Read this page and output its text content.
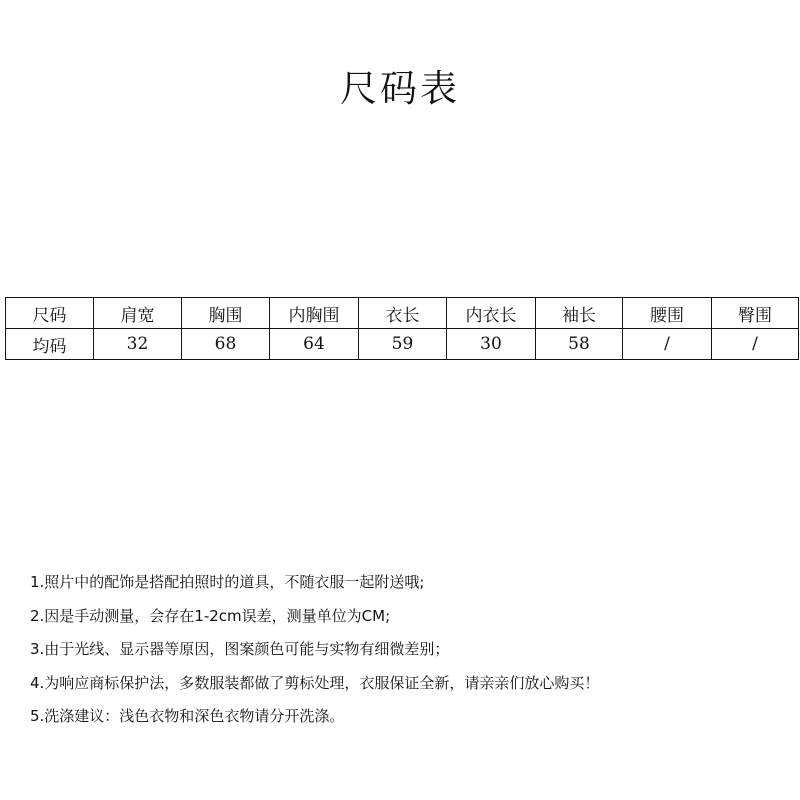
尺码表
尺码	肩宽	胸围	内胸围	衣长	内衣长	袖长	腰围	臀围
均码	32	68	64	59	30	58	/	/
1.照片中的配饰是搭配拍照时的道具，不随衣服一起附送哦;
2.因是手动测量，会存在1-2cm误差，测量单位为CM;
3.由于光线、显示器等原因，图案颜色可能与实物有细微差别；
4.为响应商标保护法，多数服装都做了剪标处理，衣服保证全新，请亲亲们放心购买！
5.洗涤建议：浅色衣物和深色衣物请分开洗涤。
